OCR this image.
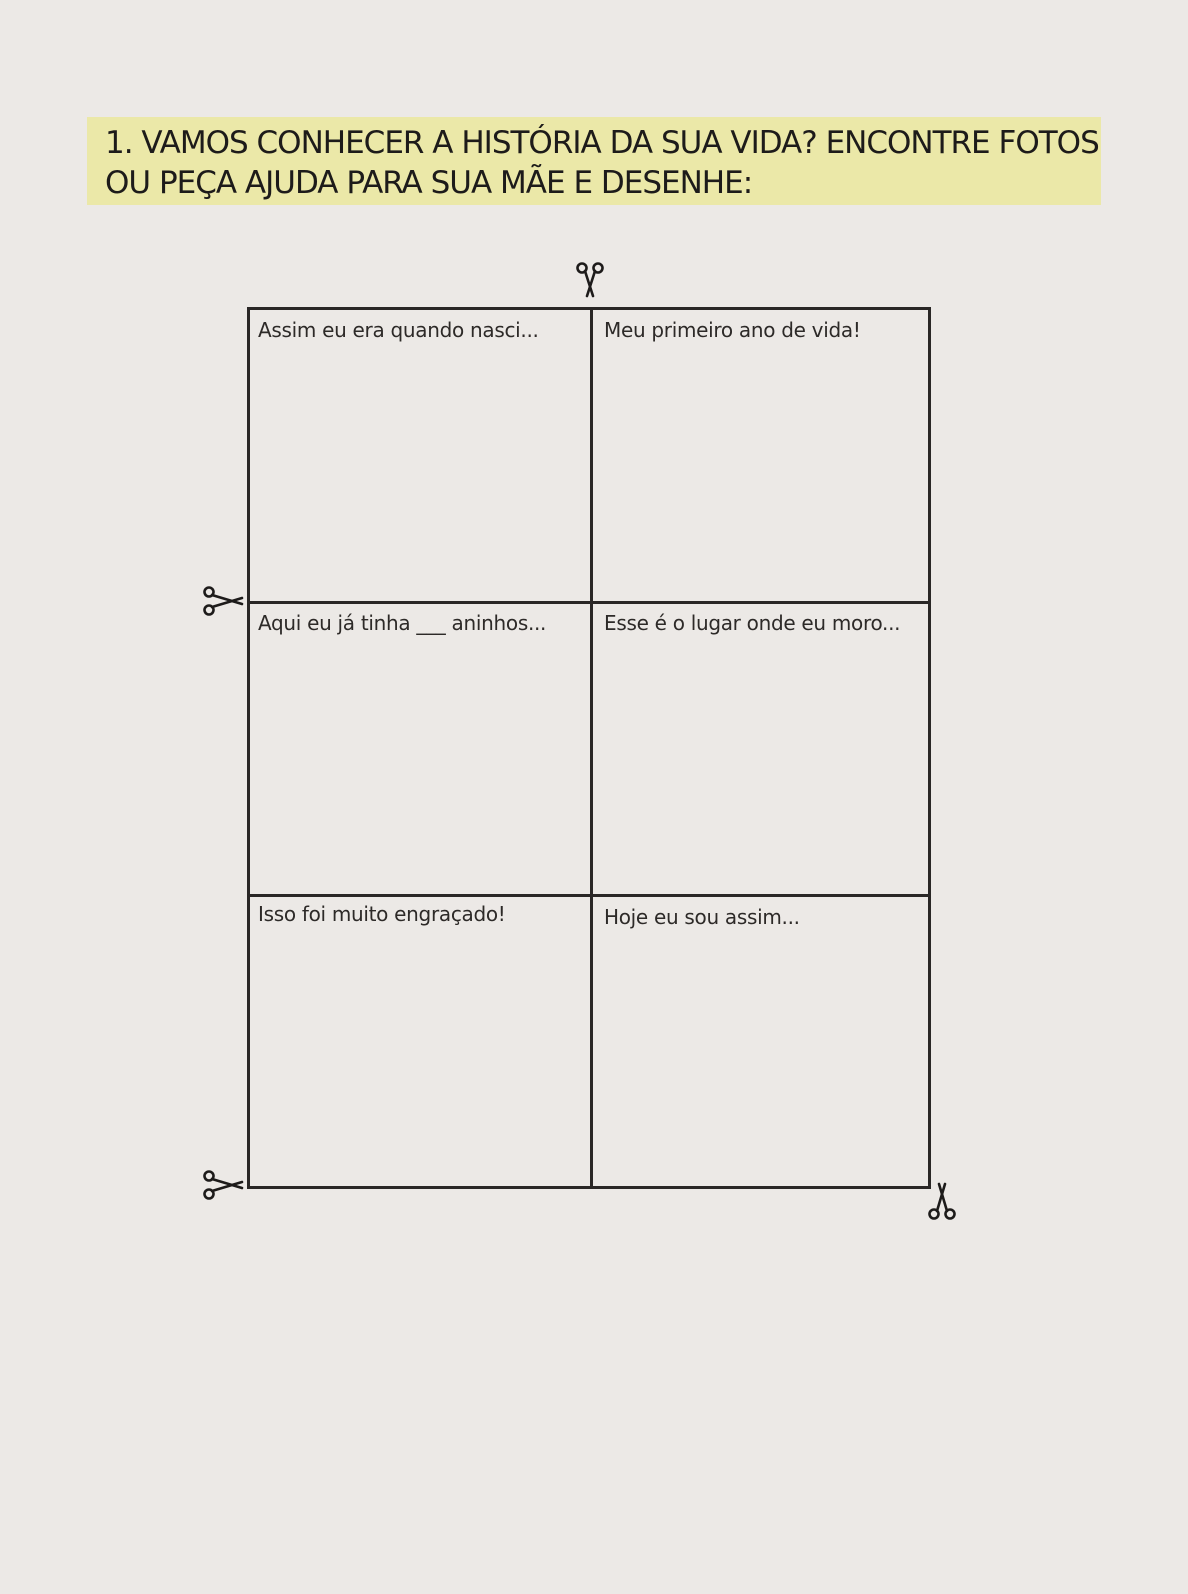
1. VAMOS CONHECER A HISTÓRIA DA SUA VIDA? ENCONTRE FOTOS
OU PEÇA AJUDA PARA SUA MÃE E DESENHE:
Assim eu era quando nasci...	Meu primeiro ano de vida!
Aqui eu já tinha ___ aninhos...	Esse é o lugar onde eu moro...
Isso foi muito engraçado!	Hoje eu sou assim...
